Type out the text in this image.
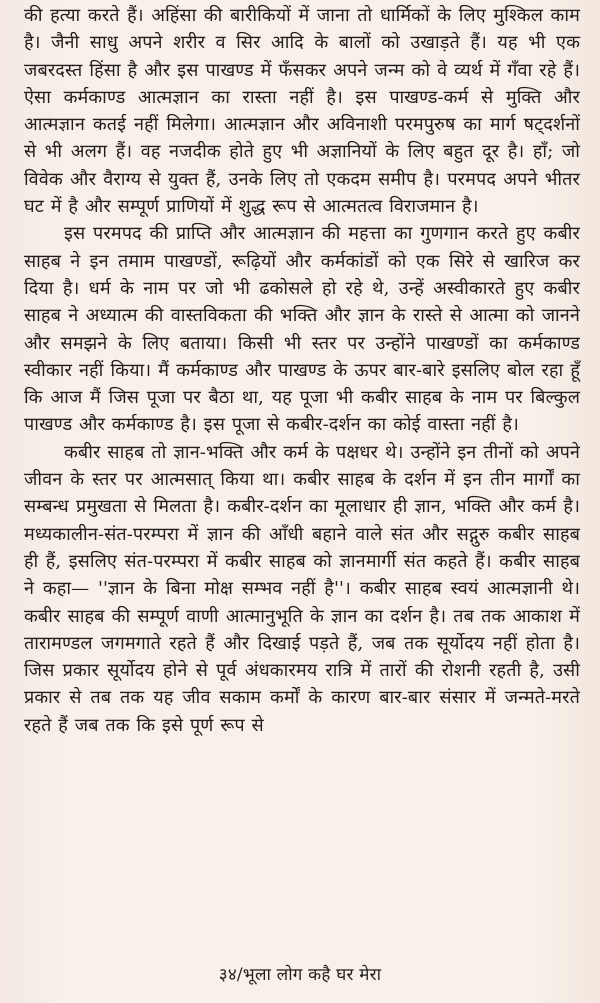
की हत्या करते हैं। अहिंसा की बारीकियों में जाना तो धार्मिकों के लिए मुश्किल काम है। जैनी साधु अपने शरीर व सिर आदि के बालों को उखाड़ते हैं। यह भी एक जबरदस्त हिंसा है और इस पाखण्ड में फँसकर अपने जन्म को वे व्यर्थ में गँवा रहे हैं। ऐसा कर्मकाण्ड आत्मज्ञान का रास्ता नहीं है। इस पाखण्ड-कर्म से मुक्ति और आत्मज्ञान कतई नहीं मिलेगा। आत्मज्ञान और अविनाशी परमपुरुष का मार्ग षट्दर्शनों से भी अलग हैं। वह नजदीक होते हुए भी अज्ञानियों के लिए बहुत दूर है। हाँ; जो विवेक और वैराग्य से युक्त हैं, उनके लिए तो एकदम समीप है। परमपद अपने भीतर घट में है और सम्पूर्ण प्राणियों में शुद्ध रूप से आत्मतत्व विराजमान है।

इस परमपद की प्राप्ति और आत्मज्ञान की महत्ता का गुणगान करते हुए कबीर साहब ने इन तमाम पाखण्डों, रूढ़ियों और कर्मकांडों को एक सिरे से खारिज कर दिया है। धर्म के नाम पर जो भी ढकोसले हो रहे थे, उन्हें अस्वीकारते हुए कबीर साहब ने अध्यात्म की वास्तविकता की भक्ति और ज्ञान के रास्ते से आत्मा को जानने और समझने के लिए बताया। किसी भी स्तर पर उन्होंने पाखण्डों का कर्मकाण्ड स्वीकार नहीं किया। मैं कर्मकाण्ड और पाखण्ड के ऊपर बार-बारे इसलिए बोल रहा हूँ कि आज मैं जिस पूजा पर बैठा था, यह पूजा भी कबीर साहब के नाम पर बिल्कुल पाखण्ड और कर्मकाण्ड है। इस पूजा से कबीर-दर्शन का कोई वास्ता नहीं है।

कबीर साहब तो ज्ञान-भक्ति और कर्म के पक्षधर थे। उन्होंने इन तीनों को अपने जीवन के स्तर पर आत्मसात् किया था। कबीर साहब के दर्शन में इन तीन मार्गों का सम्बन्ध प्रमुखता से मिलता है। कबीर-दर्शन का मूलाधार ही ज्ञान, भक्ति और कर्म है। मध्यकालीन-संत-परम्परा में ज्ञान की आँधी बहाने वाले संत और सद्गुरु कबीर साहब ही हैं, इसलिए संत-परम्परा में कबीर साहब को ज्ञानमार्गी संत कहते हैं। कबीर साहब ने कहा— ''ज्ञान के बिना मोक्ष सम्भव नहीं है''। कबीर साहब स्वयं आत्मज्ञानी थे। कबीर साहब की सम्पूर्ण वाणी आत्मानुभूति के ज्ञान का दर्शन है। तब तक आकाश में तारामण्डल जगमगाते रहते हैं और दिखाई पड़ते हैं, जब तक सूर्योदय नहीं होता है। जिस प्रकार सूर्योदय होने से पूर्व अंधकारमय रात्रि में तारों की रोशनी रहती है, उसी प्रकार से तब तक यह जीव सकाम कर्मों के कारण बार-बार संसार में जन्मते-मरते रहते हैं जब तक कि इसे पूर्ण रूप से

३४/भूला लोग कहै घर मेरा
